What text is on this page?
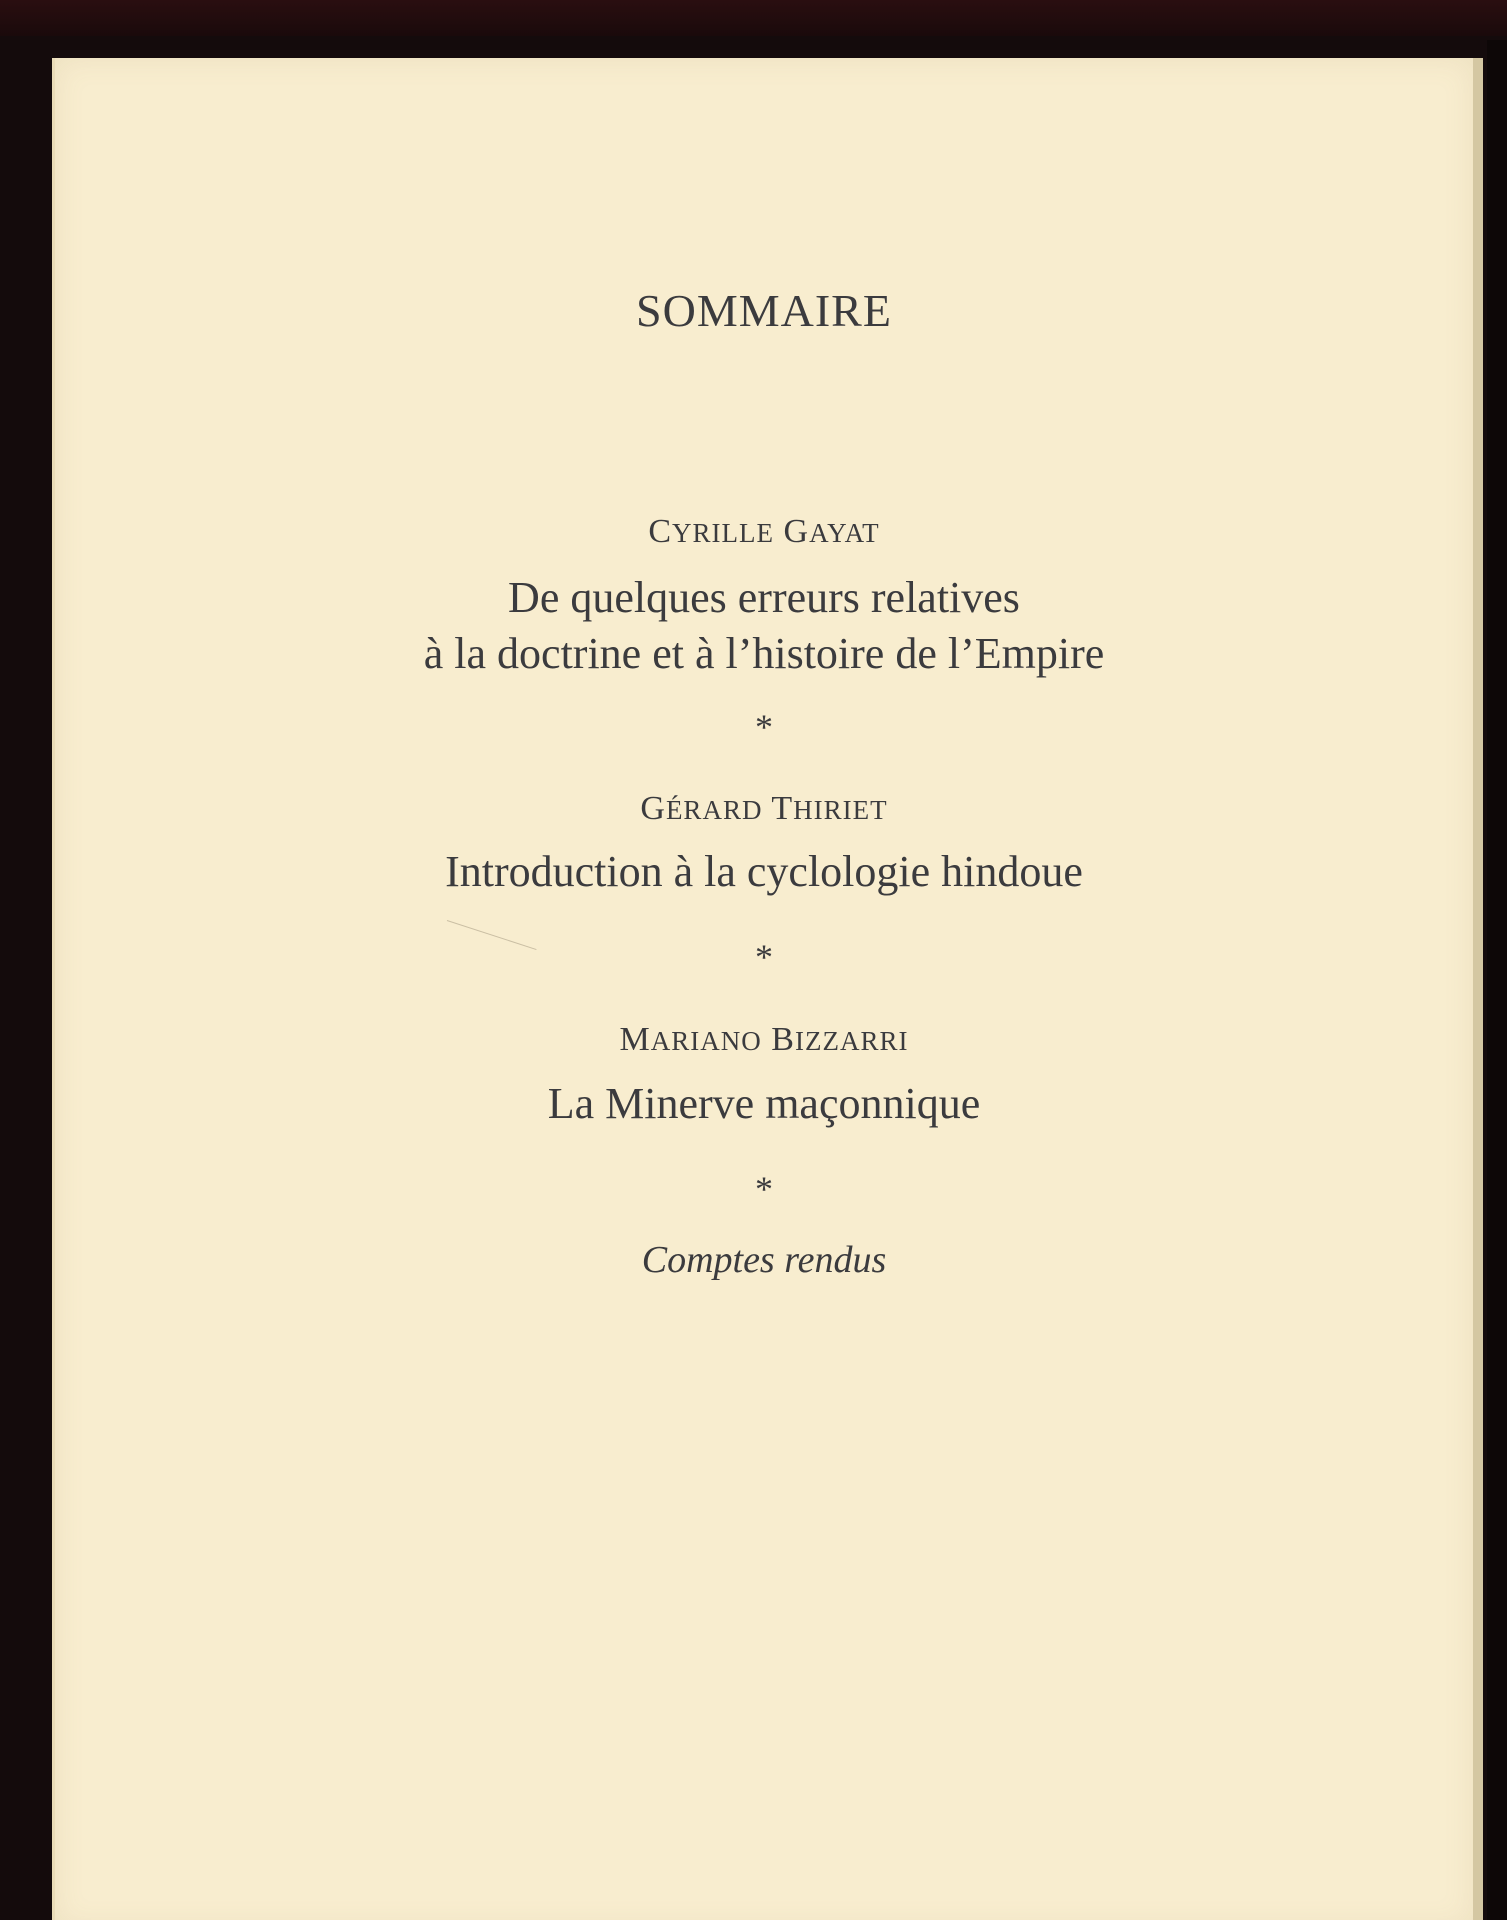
SOMMAIRE
CYRILLE GAYAT
De quelques erreurs relatives
à la doctrine et à l’histoire de l’Empire
*
GÉRARD THIRIET
Introduction à la cyclologie hindoue
*
MARIANO BIZZARRI
La Minerve maçonnique
*
Comptes rendus
